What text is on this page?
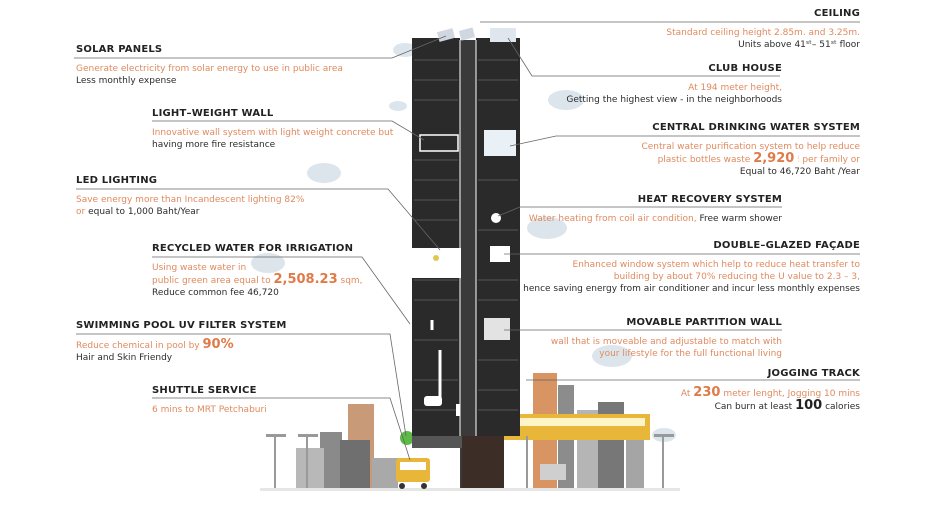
SOLAR PANELS
Generate electricity from solar energy to use in public area
Less monthly expense
LIGHT–WEIGHT WALL
Innovative wall system with light weight concrete but
having more fire resistance
LED LIGHTING
Save energy more than Incandescent lighting 82%
or equal to 1,000 Baht/Year
RECYCLED WATER FOR IRRIGATION
Using waste water in
public green area equal to 2,508.23 sqm,
Reduce common fee 46,720
SWIMMING POOL UV FILTER SYSTEM
Reduce chemical in pool by 90%
Hair and Skin Friendy
SHUTTLE SERVICE
6 mins to MRT Petchaburi
CEILING
Standard ceiling height 2.85m. and 3.25m.
Units above 41ˢᵗ– 51ˢᵗ floor
CLUB HOUSE
At 194 meter height,
Getting the highest view - in the neighborhoods
CENTRAL DRINKING WATER SYSTEM
Central water purification system to help reduce
plastic bottles waste 2,920 ⫶ per family or
Equal to 46,720 Baht /Year
HEAT RECOVERY SYSTEM
Water heating from coil air condition, Free warm shower
DOUBLE–GLAZED FAÇADE
Enhanced window system which help to reduce heat transfer to
building by about 70% reducing the U value to 2.3 – 3,
hence saving energy from air conditioner and incur less monthly expenses
MOVABLE PARTITION WALL
wall that is moveable and adjustable to match with
your lifestyle for the full functional living
JOGGING TRACK
At 230 meter lenght, Jogging 10 mins
Can burn at least 100 calories
